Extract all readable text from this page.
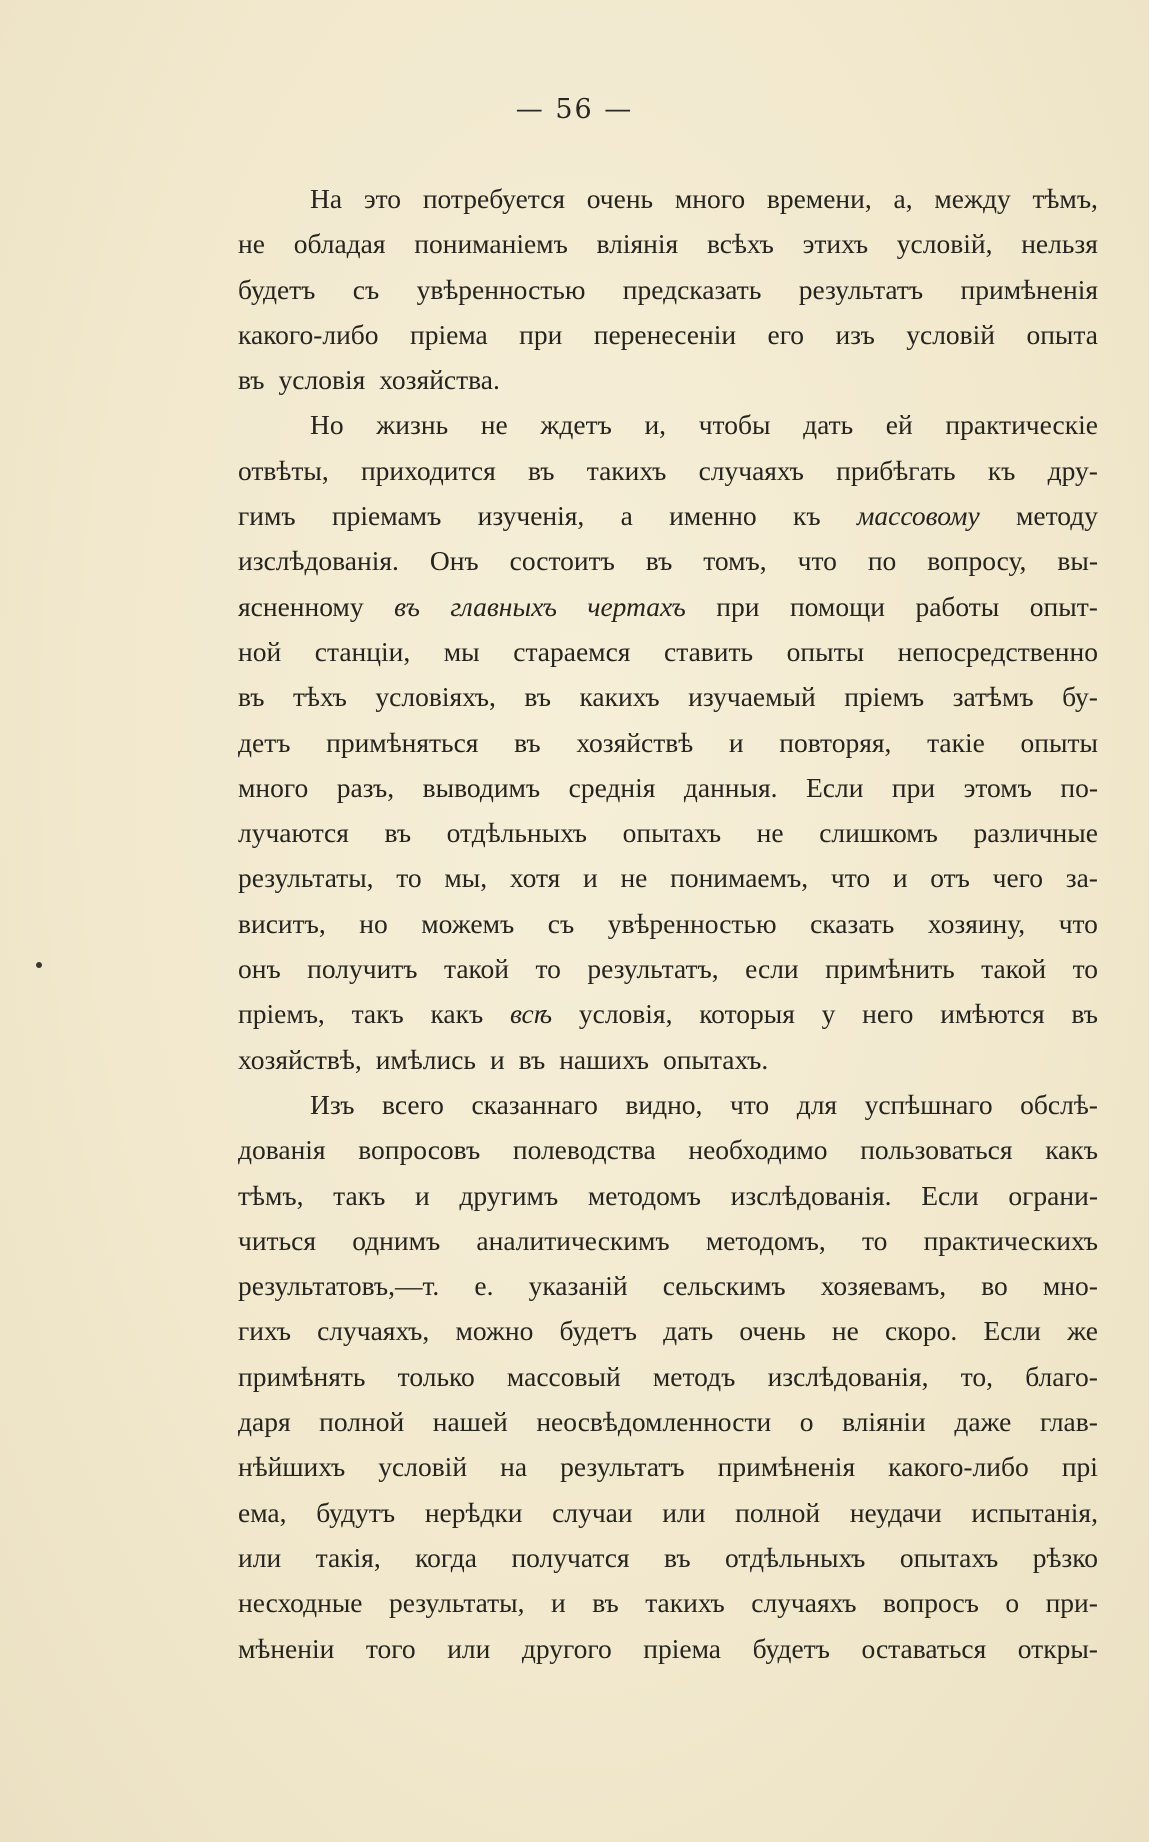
— 56 —
На это потребуется очень много времени, а, между тѣмъ,
не обладая пониманіемъ вліянія всѣхъ этихъ условій, нельзя
будетъ съ увѣренностью предсказать результатъ примѣненія
какого-либо пріема при перенесеніи его изъ условій опыта
въ условія хозяйства.
Но жизнь не ждетъ и, чтобы дать ей практическіе
отвѣты, приходится въ такихъ случаяхъ прибѣгать къ дру-
гимъ пріемамъ изученія, а именно къ массовому методу
изслѣдованія. Онъ состоитъ въ томъ, что по вопросу, вы-
ясненному въ главныхъ чертахъ при помощи работы опыт-
ной станціи, мы стараемся ставить опыты непосредственно
въ тѣхъ условіяхъ, въ какихъ изучаемый пріемъ затѣмъ бу-
детъ примѣняться въ хозяйствѣ и повторяя, такіе опыты
много разъ, выводимъ среднія данныя. Если при этомъ по-
лучаются въ отдѣльныхъ опытахъ не слишкомъ различные
результаты, то мы, хотя и не понимаемъ, что и отъ чего за-
виситъ, но можемъ съ увѣренностью сказать хозяину, что
онъ получитъ такой то результатъ, если примѣнить такой то
пріемъ, такъ какъ всѣ условія, которыя у него имѣются въ
хозяйствѣ, имѣлись и въ нашихъ опытахъ.
Изъ всего сказаннаго видно, что для успѣшнаго обслѣ-
дованія вопросовъ полеводства необходимо пользоваться какъ
тѣмъ, такъ и другимъ методомъ изслѣдованія. Если ограни-
читься однимъ аналитическимъ методомъ, то практическихъ
результатовъ,—т. е. указаній сельскимъ хозяевамъ, во мно-
гихъ случаяхъ, можно будетъ дать очень не скоро. Если же
примѣнять только массовый методъ изслѣдованія, то, благо-
даря полной нашей неосвѣдомленности о вліяніи даже глав-
нѣйшихъ условій на результатъ примѣненія какого-либо прі
ема, будутъ нерѣдки случаи или полной неудачи испытанія,
или такія, когда получатся въ отдѣльныхъ опытахъ рѣзко
несходные результаты, и въ такихъ случаяхъ вопросъ о при-
мѣненіи того или другого пріема будетъ оставаться откры-
